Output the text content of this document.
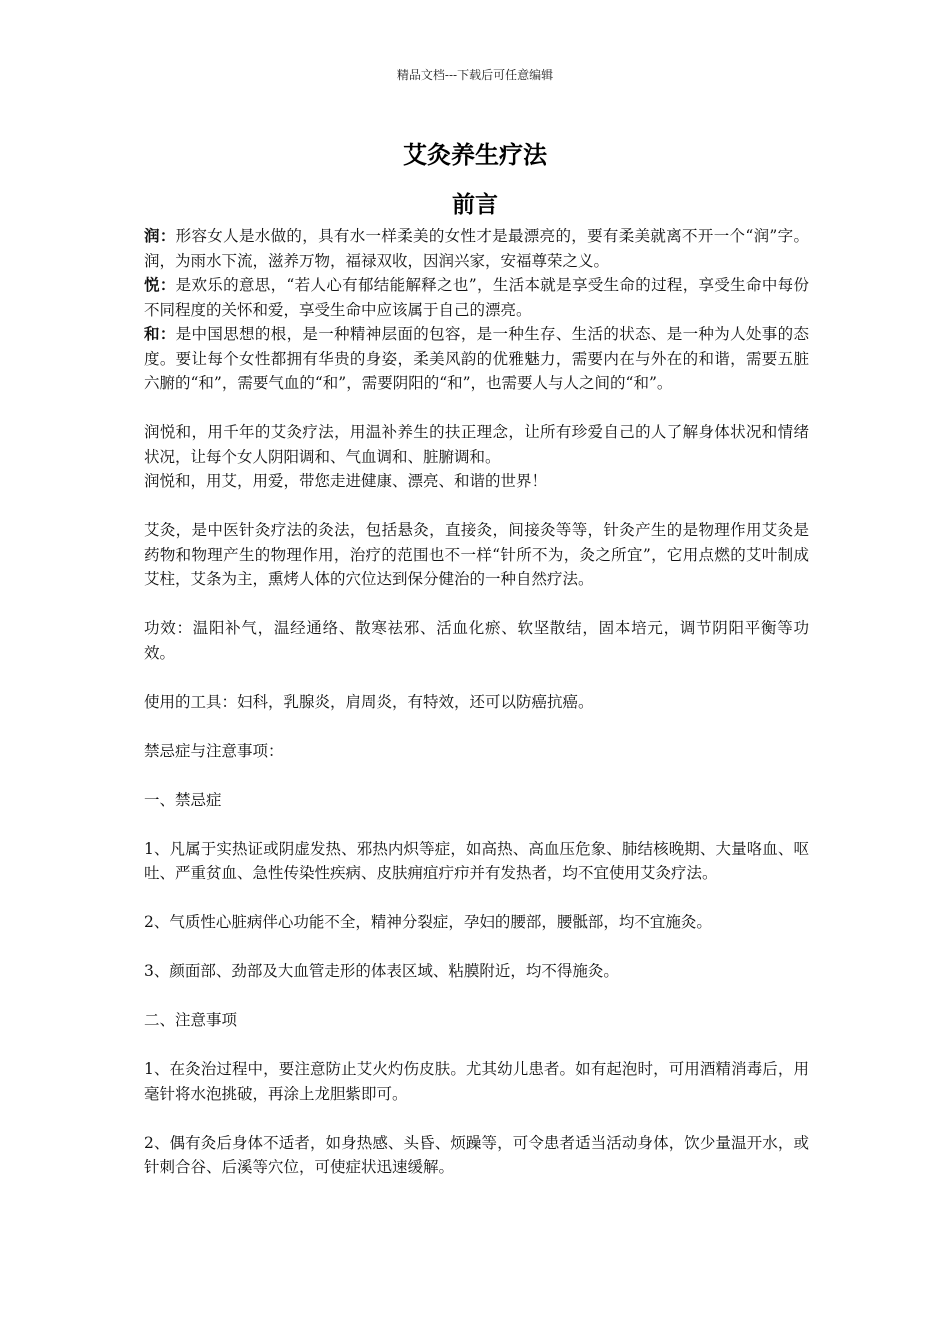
精品文档---下载后可任意编辑
艾灸养生疗法
前言

润：形容女人是水做的，具有水一样柔美的女性才是最漂亮的，要有柔美就离不开一个“润”字。润，为雨水下流，滋养万物，福禄双收，因润兴家，安福尊荣之义。

悦：是欢乐的意思，“若人心有郁结能解释之也”，生活本就是享受生命的过程，享受生命中每份不同程度的关怀和爱，享受生命中应该属于自己的漂亮。

和：是中国思想的根，是一种精神层面的包容，是一种生存、生活的状态、是一种为人处事的态度。要让每个女性都拥有华贵的身姿，柔美风韵的优雅魅力，需要内在与外在的和谐，需要五脏六腑的“和”，需要气血的“和”，需要阴阳的“和”，也需要人与人之间的“和”。

润悦和，用千年的艾灸疗法，用温补养生的扶正理念，让所有珍爱自己的人了解身体状况和情绪状况，让每个女人阴阳调和、气血调和、脏腑调和。

润悦和，用艾，用爱，带您走进健康、漂亮、和谐的世界！

艾灸，是中医针灸疗法的灸法，包括悬灸，直接灸，间接灸等等，针灸产生的是物理作用艾灸是药物和物理产生的物理作用，治疗的范围也不一样“针所不为，灸之所宜”，它用点燃的艾叶制成艾柱，艾条为主，熏烤人体的穴位达到保分健治的一种自然疗法。

功效：温阳补气，温经通络、散寒祛邪、活血化瘀、软坚散结，固本培元，调节阴阳平衡等功效。

使用的工具：妇科，乳腺炎，肩周炎，有特效，还可以防癌抗癌。

禁忌症与注意事项：

一、禁忌症

1、凡属于实热证或阴虚发热、邪热内炽等症，如高热、高血压危象、肺结核晚期、大量咯血、呕吐、严重贫血、急性传染性疾病、皮肤痈疽疔疖并有发热者，均不宜使用艾灸疗法。

2、气质性心脏病伴心功能不全，精神分裂症，孕妇的腰部，腰骶部，均不宜施灸。

3、颜面部、劲部及大血管走形的体表区域、粘膜附近，均不得施灸。

二、注意事项

1、在灸治过程中，要注意防止艾火灼伤皮肤。尤其幼儿患者。如有起泡时，可用酒精消毒后，用毫针将水泡挑破，再涂上龙胆紫即可。

2、偶有灸后身体不适者，如身热感、头昏、烦躁等，可令患者适当活动身体，饮少量温开水，或针刺合谷、后溪等穴位，可使症状迅速缓解。
